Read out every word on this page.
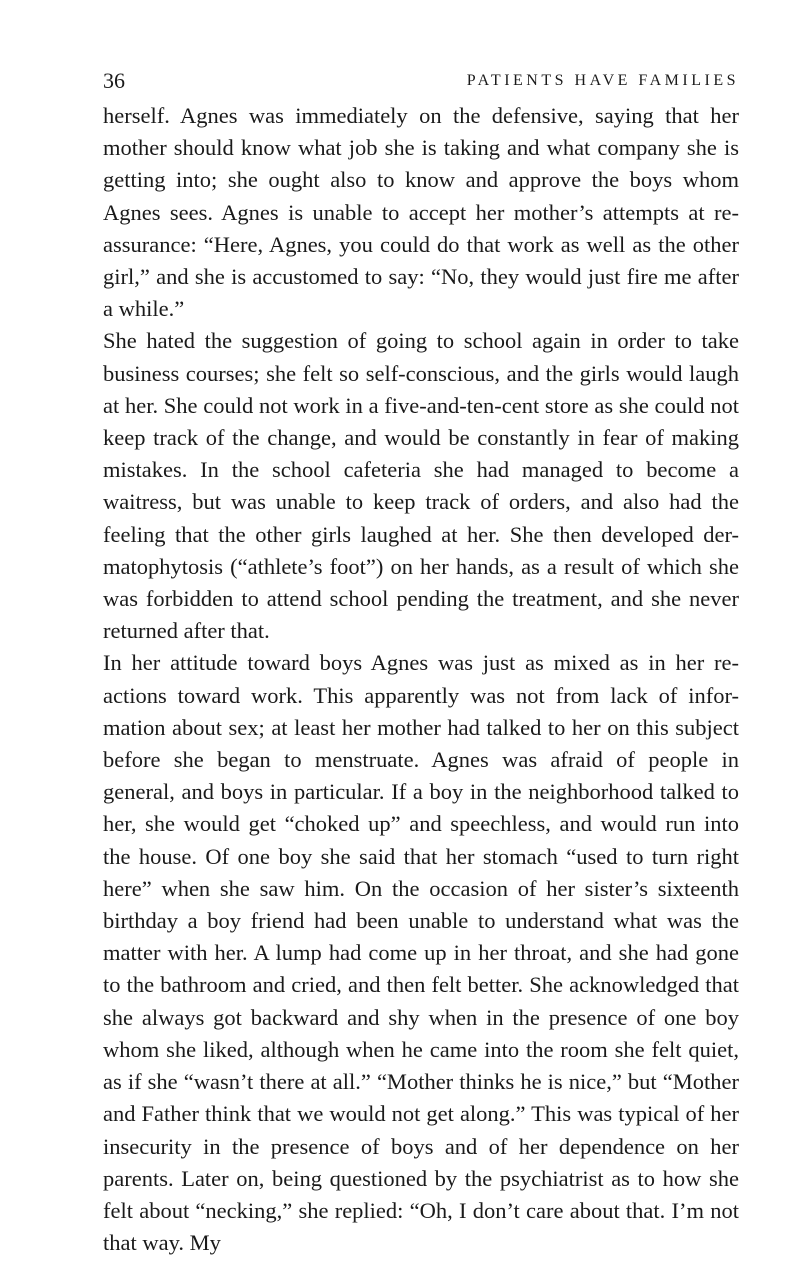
36	PATIENTS HAVE FAMILIES

herself. Agnes was immediately on the defensive, saying that her mother should know what job she is taking and what company she is getting into; she ought also to know and approve the boys whom Agnes sees. Agnes is unable to accept her mother’s attempts at re-assurance: “Here, Agnes, you could do that work as well as the other girl,” and she is accustomed to say: “No, they would just fire me after a while.”

She hated the suggestion of going to school again in order to take business courses; she felt so self-conscious, and the girls would laugh at her. She could not work in a five-and-ten-cent store as she could not keep track of the change, and would be constantly in fear of making mistakes. In the school cafeteria she had managed to become a waitress, but was unable to keep track of orders, and also had the feeling that the other girls laughed at her. She then developed der-matophytosis (“athlete’s foot”) on her hands, as a result of which she was forbidden to attend school pending the treatment, and she never returned after that.

In her attitude toward boys Agnes was just as mixed as in her re-actions toward work. This apparently was not from lack of infor-mation about sex; at least her mother had talked to her on this subject before she began to menstruate. Agnes was afraid of people in general, and boys in particular. If a boy in the neighborhood talked to her, she would get “choked up” and speechless, and would run into the house. Of one boy she said that her stomach “used to turn right here” when she saw him. On the occasion of her sister’s sixteenth birthday a boy friend had been unable to understand what was the matter with her. A lump had come up in her throat, and she had gone to the bathroom and cried, and then felt better. She acknowledged that she always got backward and shy when in the presence of one boy whom she liked, although when he came into the room she felt quiet, as if she “wasn’t there at all.” “Mother thinks he is nice,” but “Mother and Father think that we would not get along.” This was typical of her insecurity in the presence of boys and of her dependence on her parents. Later on, being questioned by the psychiatrist as to how she felt about “necking,” she replied: “Oh, I don’t care about that. I’m not that way. My
